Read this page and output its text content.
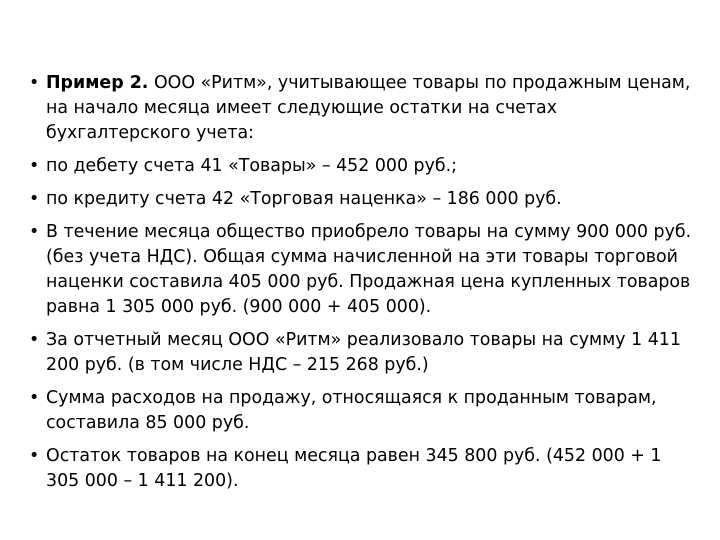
• Пример 2. ООО «Ритм», учитывающее товары по продажным ценам, на начало месяца имеет следующие остатки на счетах бухгалтерского учета:
• по дебету счета 41 «Товары» – 452 000 руб.;
• по кредиту счета 42 «Торговая наценка» – 186 000 руб.
• В течение месяца общество приобрело товары на сумму 900 000 руб. (без учета НДС). Общая сумма начисленной на эти товары торговой наценки составила 405 000 руб. Продажная цена купленных товаров равна 1 305 000 руб. (900 000 + 405 000).
• За отчетный месяц ООО «Ритм» реализовало товары на сумму 1 411 200 руб. (в том числе НДС – 215 268 руб.)
• Сумма расходов на продажу, относящаяся к проданным товарам, составила 85 000 руб.
• Остаток товаров на конец месяца равен 345 800 руб. (452 000 + 1 305 000 – 1 411 200).
